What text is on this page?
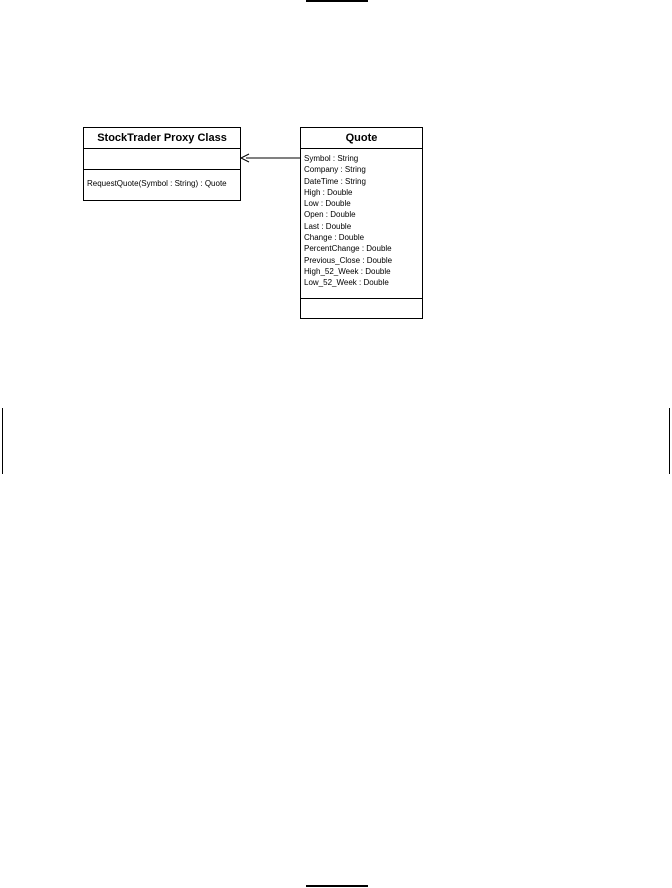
StockTrader Proxy Class
RequestQuote(Symbol : String) : Quote
Quote
Symbol : String
Company : String
DateTime : String
High : Double
Low : Double
Open : Double
Last : Double
Change : Double
PercentChange : Double
Previous_Close : Double
High_52_Week : Double
Low_52_Week : Double
